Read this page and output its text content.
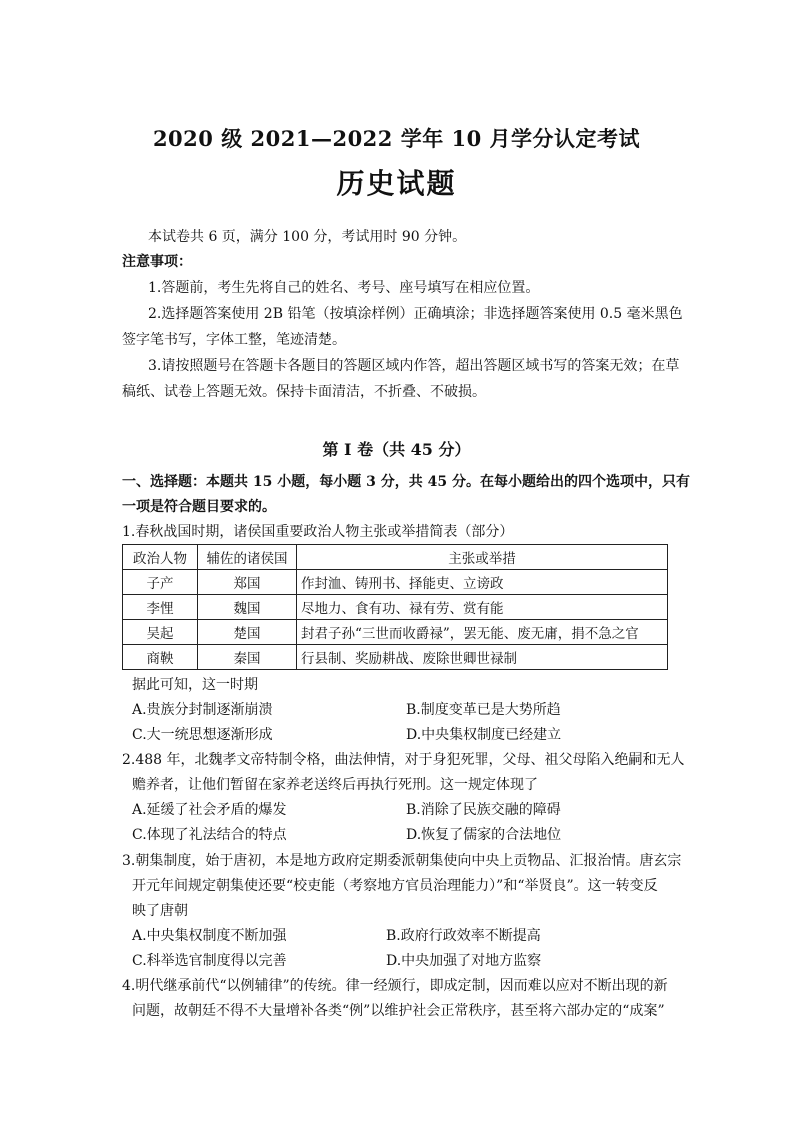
2020 级 2021—2022 学年 10 月学分认定考试
历史试题
本试卷共 6 页，满分 100 分，考试用时 90 分钟。
注意事项：
1.答题前，考生先将自己的姓名、考号、座号填写在相应位置。
2.选择题答案使用 2B 铅笔（按填涂样例）正确填涂；非选择题答案使用 0.5 毫米黑色
签字笔书写，字体工整，笔迹清楚。
3.请按照题号在答题卡各题目的答题区域内作答，超出答题区域书写的答案无效；在草
稿纸、试卷上答题无效。保持卡面清洁，不折叠、不破损。
第 I 卷（共 45 分）
一、选择题：本题共 15 小题，每小题 3 分，共 45 分。在每小题给出的四个选项中，只有
一项是符合题目要求的。
1.春秋战国时期，诸侯国重要政治人物主张或举措简表（部分）
政治人物	辅佐的诸侯国	主张或举措
子产	郑国	作封洫、铸刑书、择能吏、立谤政
李悝	魏国	尽地力、食有功、禄有劳、赏有能
吴起	楚国	封君子孙“三世而收爵禄”，罢无能、废无庸，捐不急之官
商鞅	秦国	行县制、奖励耕战、废除世卿世禄制
据此可知，这一时期
A.贵族分封制逐渐崩溃	B.制度变革已是大势所趋
C.大一统思想逐渐形成	D.中央集权制度已经建立
2.488 年，北魏孝文帝特制令格，曲法伸情，对于身犯死罪，父母、祖父母陷入绝嗣和无人
赡养者，让他们暂留在家养老送终后再执行死刑。这一规定体现了
A.延缓了社会矛盾的爆发	B.消除了民族交融的障碍
C.体现了礼法结合的特点	D.恢复了儒家的合法地位
3.朝集制度，始于唐初，本是地方政府定期委派朝集使向中央上贡物品、汇报治情。唐玄宗
开元年间规定朝集使还要“校吏能（考察地方官员治理能力）”和“举贤良”。这一转变反
映了唐朝
A.中央集权制度不断加强	B.政府行政效率不断提高
C.科举选官制度得以完善	D.中央加强了对地方监察
4.明代继承前代“以例辅律”的传统。律一经颁行，即成定制，因而难以应对不断出现的新
问题，故朝廷不得不大量增补各类“例”以维护社会正常秩序，甚至将六部办定的“成案”
